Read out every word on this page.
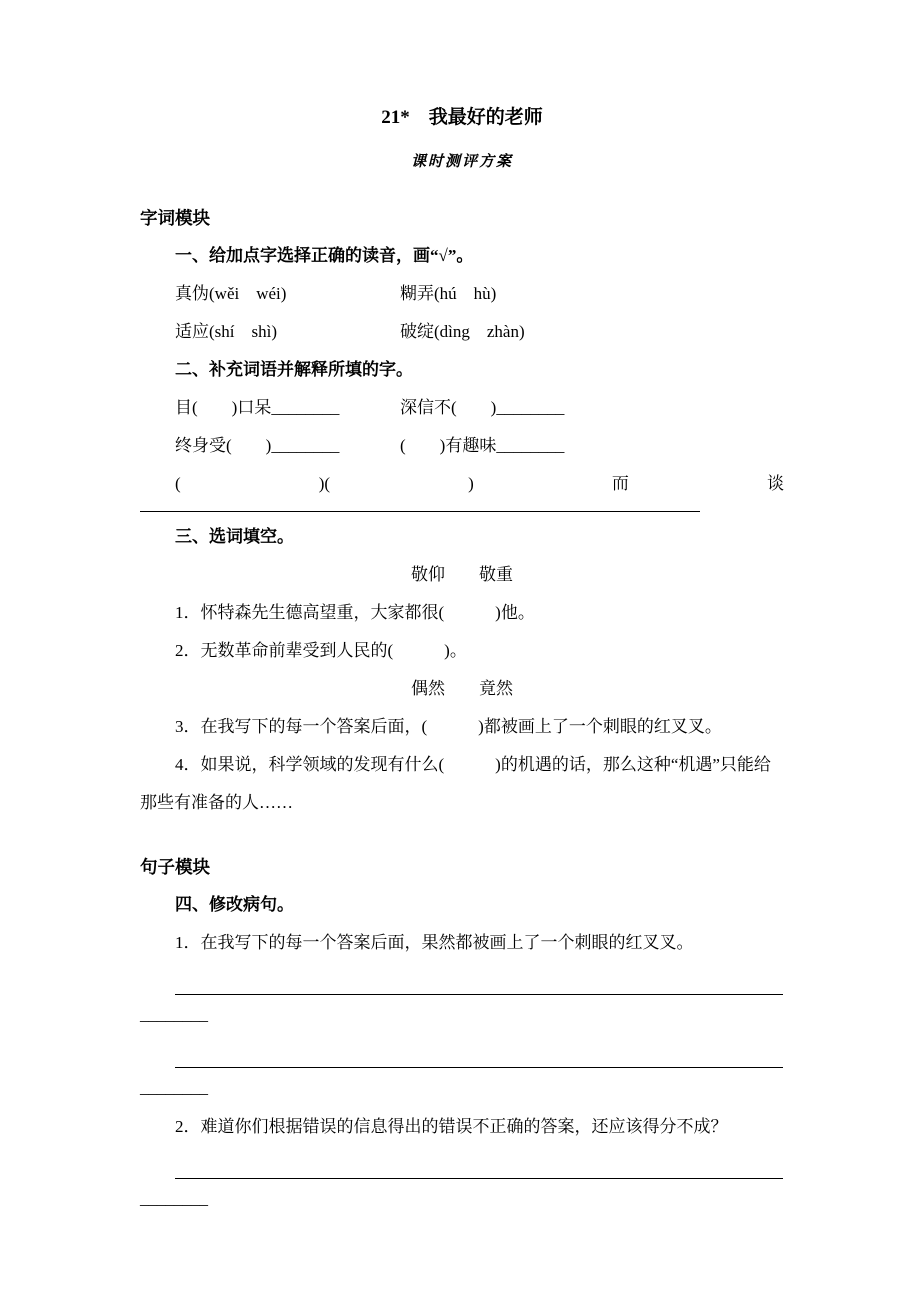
21*　我最好的老师
课时测评方案
字词模块
一、给加点字选择正确的读音，画“√”。
真伪(wěi　wéi)	糊弄(hú　hù)
适应(shí　shì)	破绽(dìng　zhàn)
二、补充词语并解释所填的字。
目(　　)口呆________	深信不(　　)________
终身受(　　)________	(　　)有趣味________
(	)(	)	而	谈
三、选词填空。
敬仰　　敬重
1．怀特森先生德高望重，大家都很(　　　)他。
2．无数革命前辈受到人民的(　　　)。
偶然　　竟然
3．在我写下的每一个答案后面，(　　　)都被画上了一个刺眼的红叉叉。
4．如果说，科学领域的发现有什么(　　　)的机遇的话，那么这种“机遇”只能给那些有准备的人……
句子模块
四、修改病句。
1．在我写下的每一个答案后面，果然都被画上了一个刺眼的红叉叉。
________
________
2．难道你们根据错误的信息得出的错误不正确的答案，还应该得分不成？
________
